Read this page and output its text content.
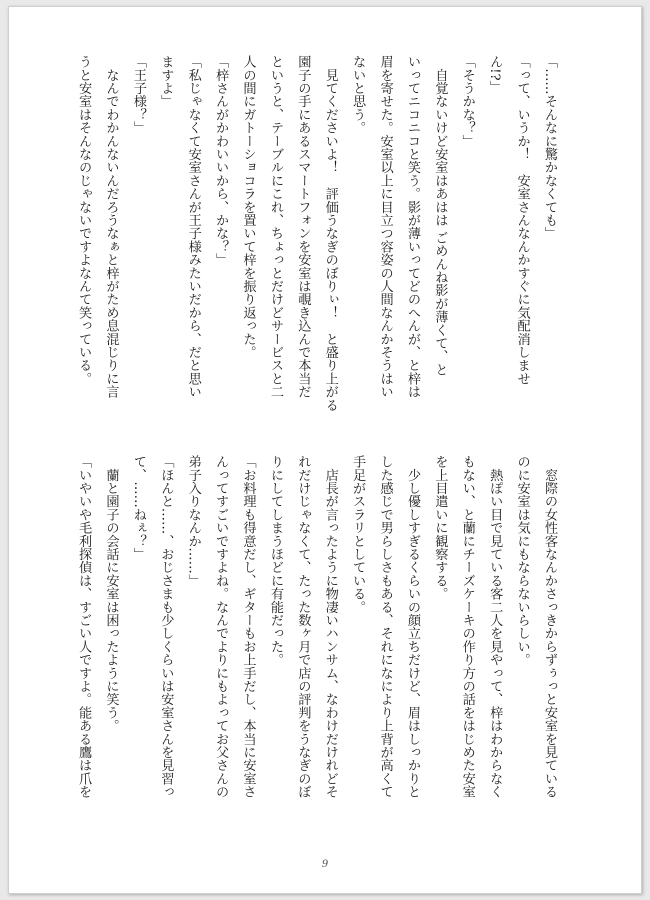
「……そんなに驚かなくても」

「って、いうか！　安室さんなんかすぐに気配消しませ

ん!?」

「そうかな？」

　自覚ないけど安室はあはは ごめんね影が薄くて、と

いってニコニコと笑う。影が薄いってどのへんが、と梓は

眉を寄せた。安室以上に目立つ容姿の人間なんかそうはい

ないと思う。

　見てくださいよ！　評価うなぎのぼりぃ！　と盛り上がる

園子の手にあるスマートフォンを安室は覗き込んで本当だ

というと、テーブルにこれ、ちょっとだけどサービスと二

人の間にガトーショコラを置いて梓を振り返った。

「梓さんがかわいいから、かな？」

「私じゃなくて安室さんが王子様みたいだから、だと思い

ますよ」

「王子様？」

　なんでわかんないんだろうなぁと梓がため息混じりに言

うと安室はそんなのじゃないですよなんて笑っている。

　窓際の女性客なんかさっきからずぅっと安室を見ている

のに安室は気にもならないらしい。

　熱ぽい目で見ている客二人を見やって、梓はわからなく

もない、と蘭にチーズケーキの作り方の話をはじめた安室

を上目遣いに観察する。

　少し優しすぎるくらいの顔立ちだけど、眉はしっかりと

した感じで男らしさもある、それになにより上背が高くて

手足がスラリとしている。

　店長が言ったように物凄いハンサム、なわけだけれどそ

れだけじゃなくて、たった数ヶ月で店の評判をうなぎのぼ

りにしてしまうほどに有能だった。

「お料理も得意だし、ギターもお上手だし、本当に安室さ

んってすごいですよね。なんでよりにもよってお父さんの

弟子入りなんか……」

「ほんと……、おじさまも少しくらいは安室さんを見習っ

て、……ねぇ？」

　蘭と園子の会話に安室は困ったように笑う。

「いやいや毛利探偵は、すごい人ですよ。能ある鷹は爪を

9
